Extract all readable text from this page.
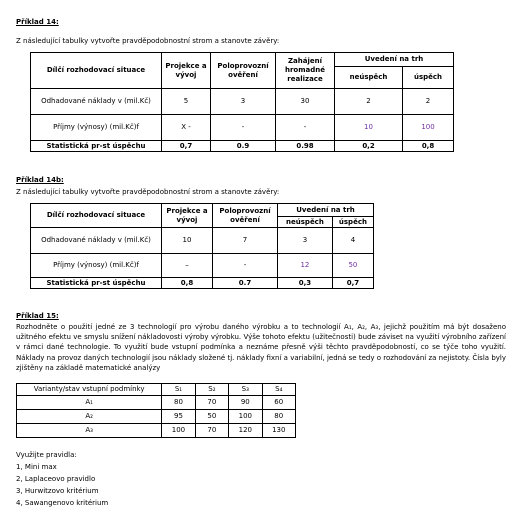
Příklad 14:
Z následující tabulky vytvořte pravděpodobnostní strom a stanovte závěry:
Dílčí rozhodovací situace	Projekce a vývoj	Poloprovozní ověření	Zahájení hromadné realizace	Uvedení na trh	
				neúspěch	úspěch
Odhadované náklady v (mil.Kč)	5	3	30	2	2
Příjmy (výnosy) (mil.Kč)f	X -	-	-	10	100
Statistická pr-st úspěchu	0,7	0.9	0.98	0,2	0,8
Příklad 14b:
Z následující tabulky vytvořte pravděpodobnostní strom a stanovte závěry:
Dílčí rozhodovací situace	Projekce a vývoj	Poloprovozní ověření	Uvedení na trh	
			neúspěch	úspěch
Odhadované náklady v (mil.Kč)	10	7	3	4
Příjmy (výnosy) (mil.Kč)f	–	-	12	50
Statistická pr-st úspěchu	0,8	0.7	0,3	0,7
Příklad 15:
Rozhodněte o použití jedné ze 3 technologií pro výrobu daného výrobku a to technologií A₁, A₂, A₃, jejichž použitím má být dosaženo užitného efektu ve smyslu snížení nákladovosti výroby výrobku. Výše tohoto efektu (užitečnosti) bude záviset na využití výrobního zařízení v rámci dané technologie. To využití bude vstupní podmínka a neznáme přesně výši těchto pravděpodobností, co se týče toho využití. Náklady na provoz daných technologií jsou náklady složené tj. náklady fixní a variabilní, jedná se tedy o rozhodování za nejistoty. Čísla byly zjištěny na základě matematické analýzy
Varianty/stav vstupní podmínky	S₁	S₂	S₃	S₄
A₁	80	70	90	60
A₂	95	50	100	80
A₃	100	70	120	130
Využijte pravidla:
1, Mini max
2, Laplaceovo pravidlo
3, Hurwitzovo kritérium
4, Sawangenovo kritérium
